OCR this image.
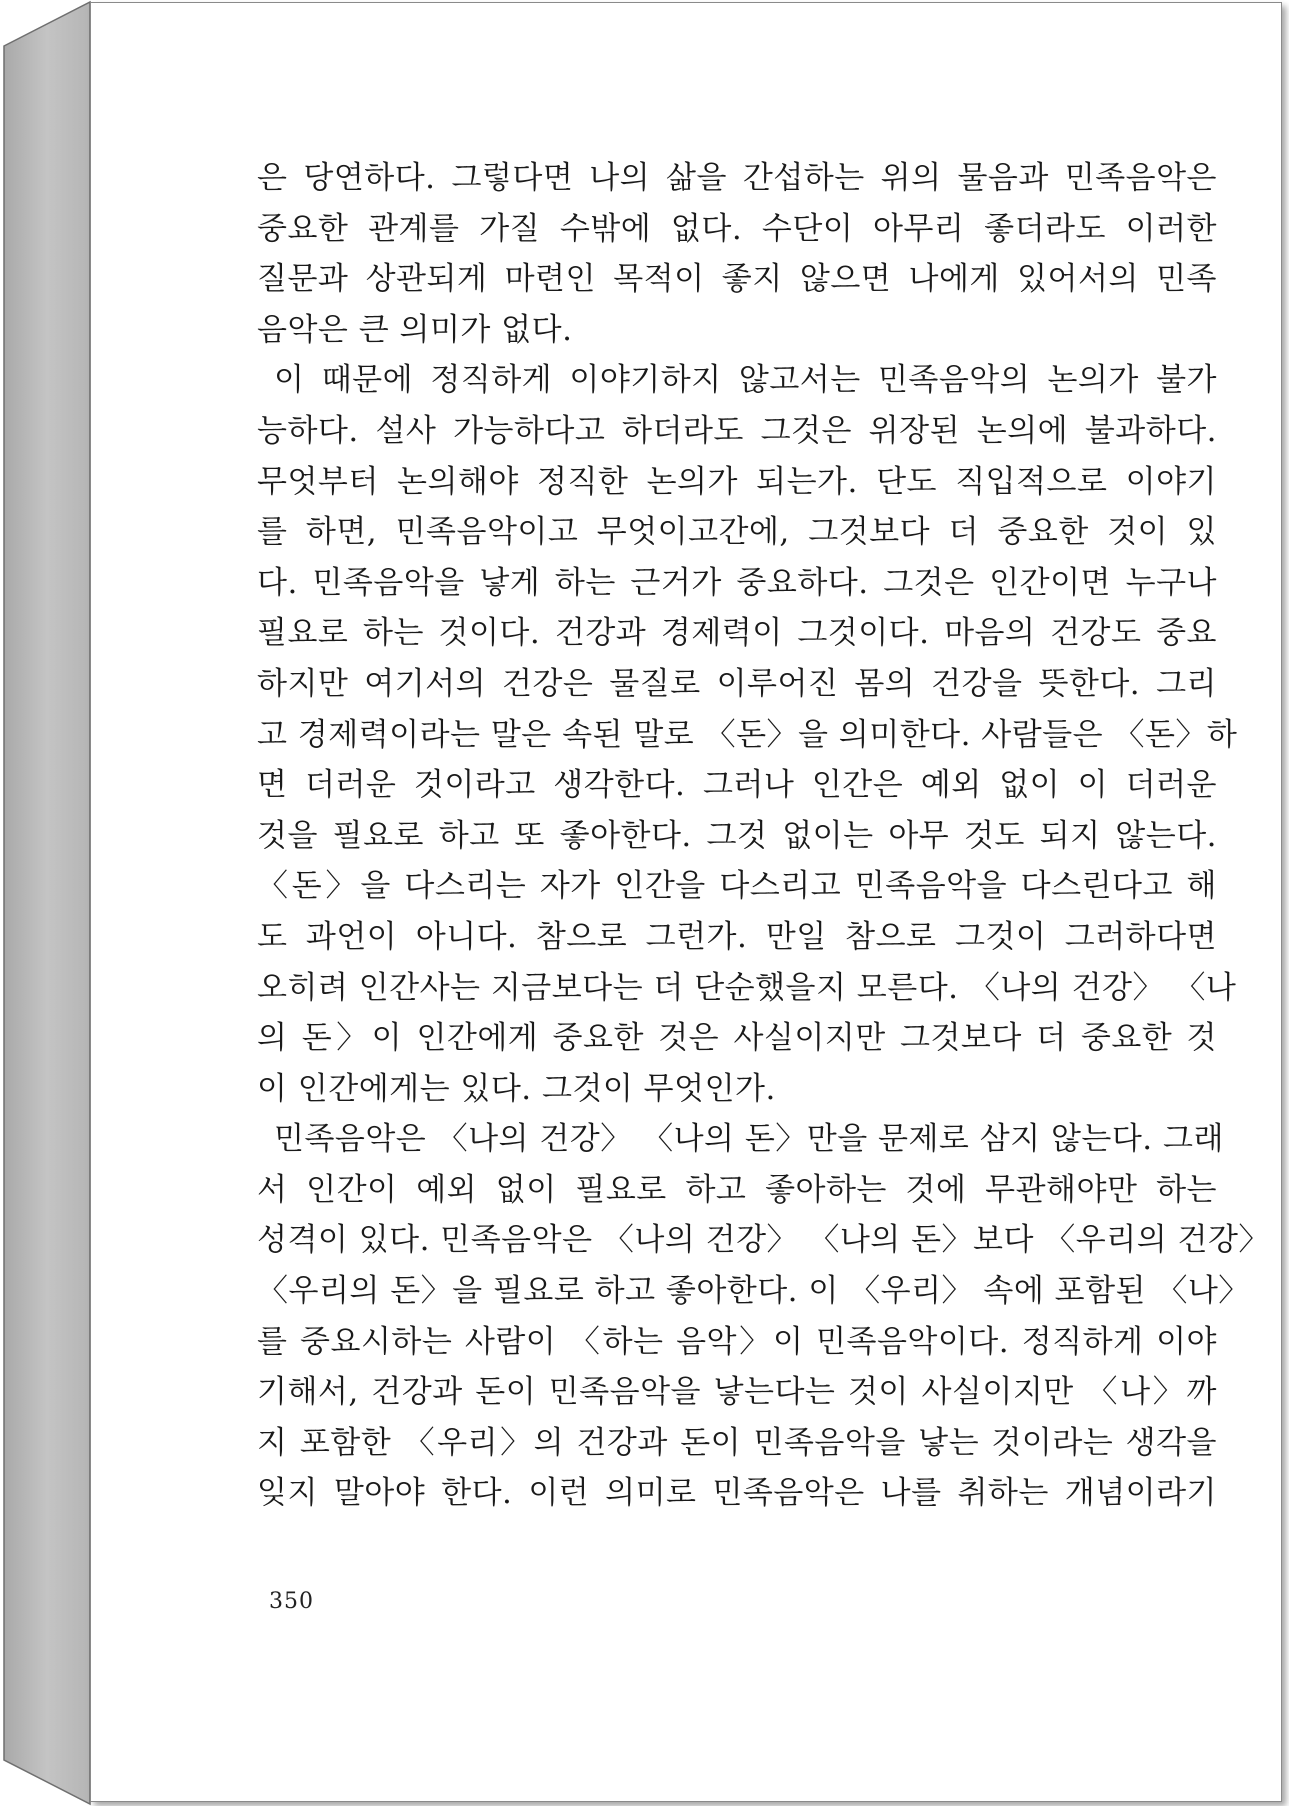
은 당연하다. 그렇다면 나의 삶을 간섭하는 위의 물음과 민족음악은
중요한 관계를 가질 수밖에 없다. 수단이 아무리 좋더라도 이러한
질문과 상관되게 마련인 목적이 좋지 않으면 나에게 있어서의 민족
음악은 큰 의미가 없다.
이 때문에 정직하게 이야기하지 않고서는 민족음악의 논의가 불가
능하다. 설사 가능하다고 하더라도 그것은 위장된 논의에 불과하다.
무엇부터 논의해야 정직한 논의가 되는가. 단도 직입적으로 이야기
를 하면, 민족음악이고 무엇이고간에, 그것보다 더 중요한 것이 있
다. 민족음악을 낳게 하는 근거가 중요하다. 그것은 인간이면 누구나
필요로 하는 것이다. 건강과 경제력이 그것이다. 마음의 건강도 중요
하지만 여기서의 건강은 물질로 이루어진 몸의 건강을 뜻한다. 그리
고 경제력이라는 말은 속된 말로 〈돈〉을 의미한다. 사람들은 〈돈〉하
면 더러운 것이라고 생각한다. 그러나 인간은 예외 없이 이 더러운
것을 필요로 하고 또 좋아한다. 그것 없이는 아무 것도 되지 않는다.
〈돈〉을 다스리는 자가 인간을 다스리고 민족음악을 다스린다고 해
도 과언이 아니다. 참으로 그런가. 만일 참으로 그것이 그러하다면
오히려 인간사는 지금보다는 더 단순했을지 모른다. 〈나의 건강〉 〈나
의 돈〉이 인간에게 중요한 것은 사실이지만 그것보다 더 중요한 것
이 인간에게는 있다. 그것이 무엇인가.
민족음악은 〈나의 건강〉 〈나의 돈〉만을 문제로 삼지 않는다. 그래
서 인간이 예외 없이 필요로 하고 좋아하는 것에 무관해야만 하는
성격이 있다. 민족음악은 〈나의 건강〉 〈나의 돈〉보다 〈우리의 건강〉
〈우리의 돈〉을 필요로 하고 좋아한다. 이 〈우리〉 속에 포함된 〈나〉
를 중요시하는 사람이 〈하는 음악〉이 민족음악이다. 정직하게 이야
기해서, 건강과 돈이 민족음악을 낳는다는 것이 사실이지만 〈나〉까
지 포함한 〈우리〉의 건강과 돈이 민족음악을 낳는 것이라는 생각을
잊지 말아야 한다. 이런 의미로 민족음악은 나를 취하는 개념이라기
350
